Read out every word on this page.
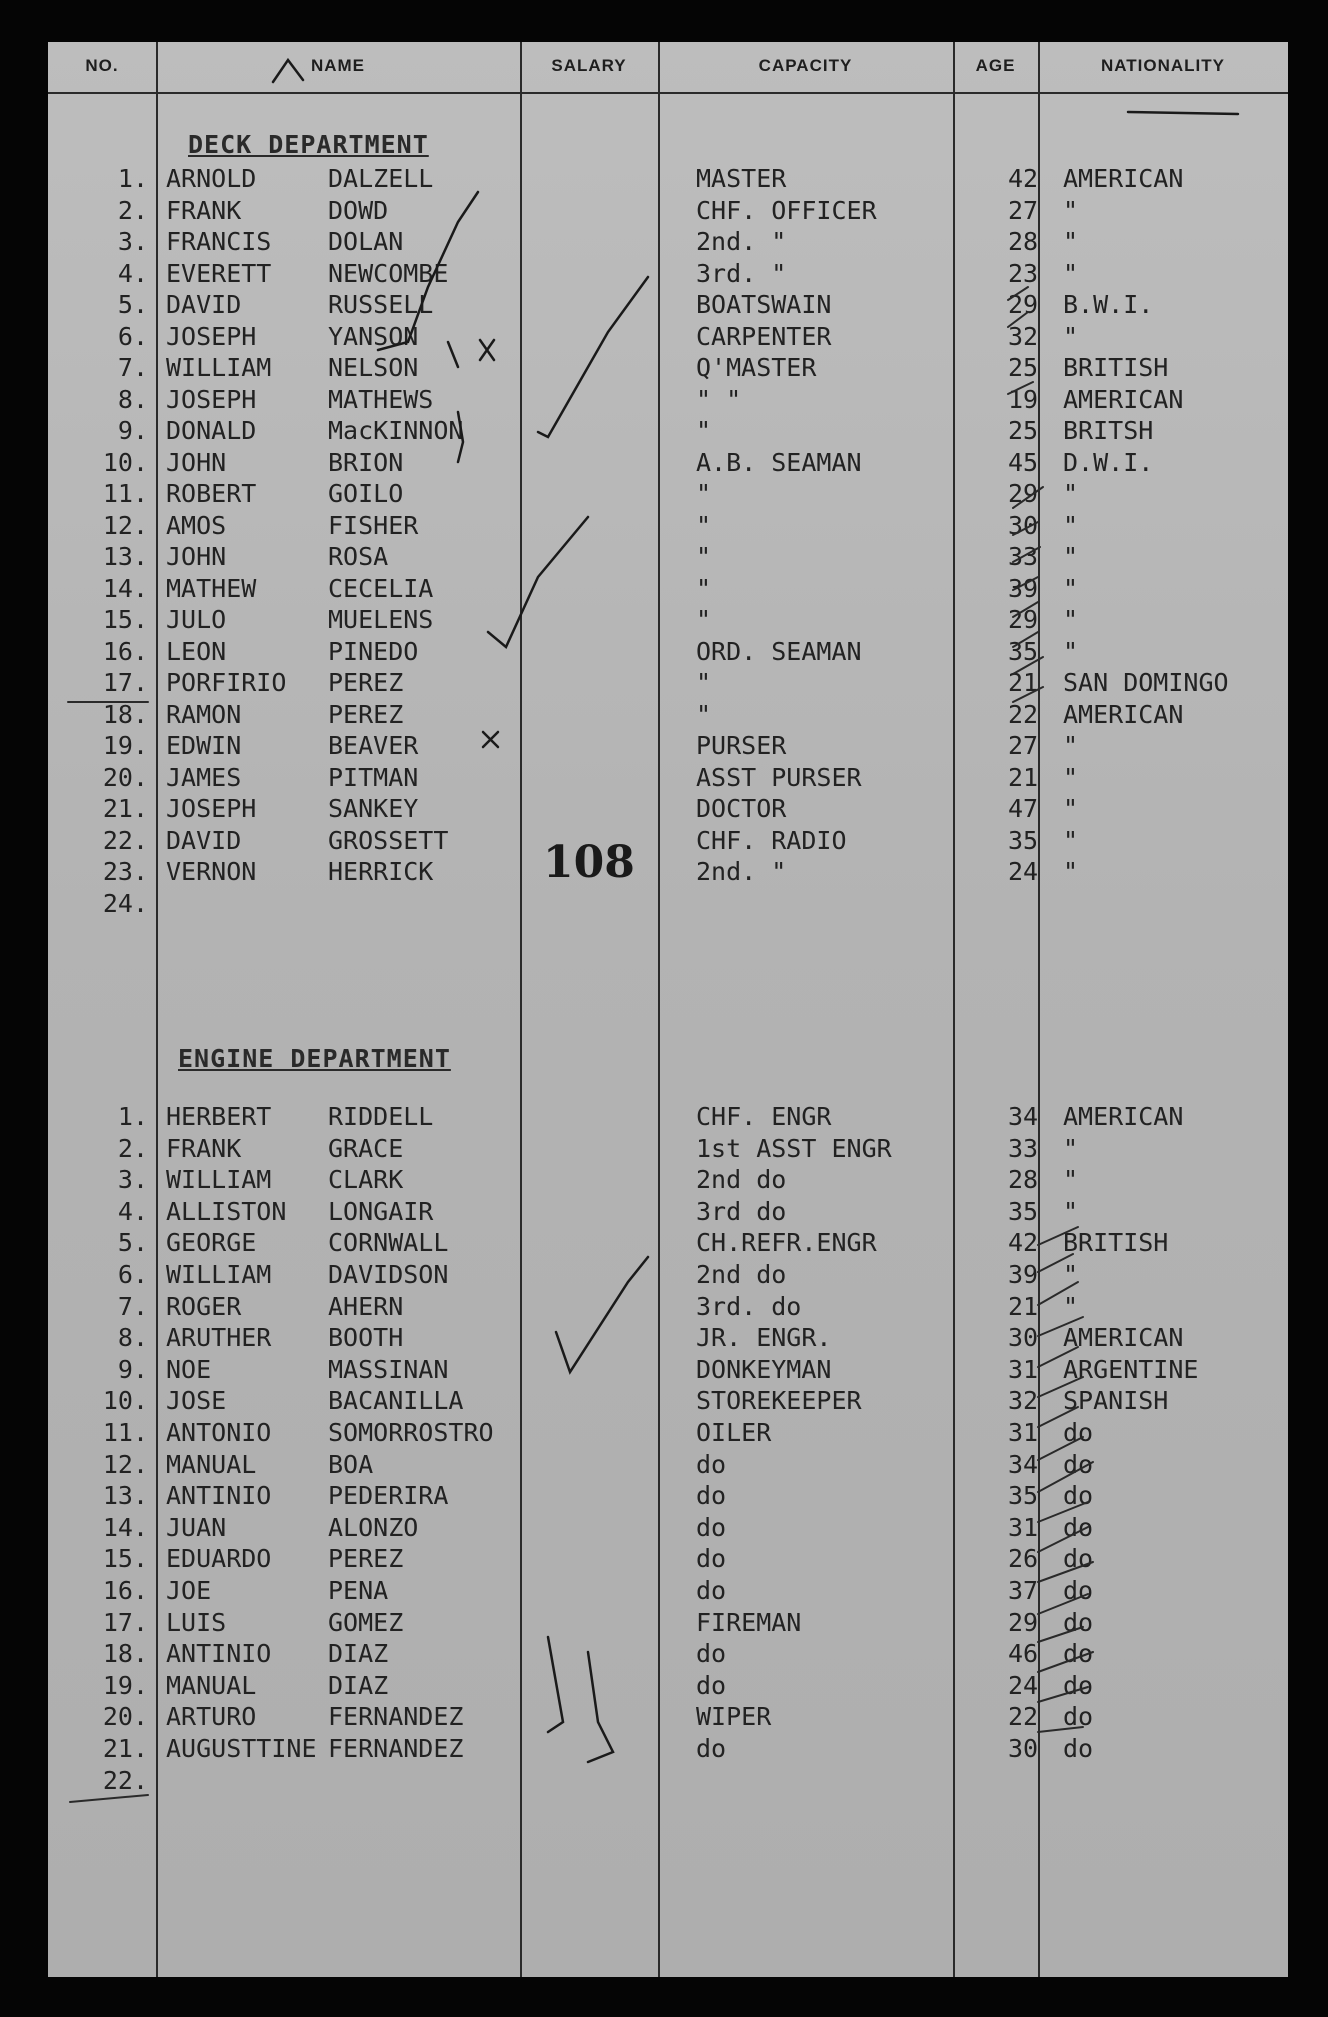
NO.	NAME	SALARY	CAPACITY	AGE	NATIONALITY
DECK DEPARTMENT
ENGINE DEPARTMENT
1. ARNOLD	DALZELL	MASTER	42 AMERICAN
2. FRANK	DOWD	CHF. OFFICER	27 "
3. FRANCIS DOLAN	2nd. "	28 "
4. EVERETT NEWCOMBE	3rd. "	23 "
5. DAVID	RUSSELL	BOATSWAIN	29 B.W.I.
6. JOSEPH	YANSON	CARPENTER	32 "
7. WILLIAM NELSON	Q'MASTER	25 BRITISH
8. JOSEPH	MATHEWS	" "	19 AMERICAN
9. DONALD	MacKINNON	"	25 BRITSH
10. JOHN	BRION	A.B. SEAMAN	45 D.W.I.
11. ROBERT	GOILO	"	29 "
12. AMOS	FISHER	"	30 "
13. JOHN	ROSA	"	33 "
14. MATHEW	CECELIA	"	39 "
15. JULO	MUELENS	"	29 "
16. LEON	PINEDO	ORD. SEAMAN	35 "
17. PORFIRIO PEREZ	"	21 SAN DOMINGO
18. RAMON	PEREZ	"	22 AMERICAN
19. EDWIN	BEAVER	PURSER	27 "
20. JAMES	PITMAN	ASST PURSER	21 "
21. JOSEPH	SANKEY	DOCTOR	47 "
22. DAVID	GROSSETT	CHF. RADIO	35 "
23. VERNON	HERRICK	2nd. "	24 "
24.
1. HERBERT RIDDELL	CHF. ENGR	34 AMERICAN
2. FRANK	GRACE	1st ASST ENGR	33 "
3. WILLIAM CLARK	2nd do	28 "
4. ALLISTON LONGAIR	3rd do	35 "
5. GEORGE	CORNWALL	CH.REFR.ENGR	42 BRITISH
6. WILLIAM DAVIDSON	2nd do	39 "
7. ROGER	AHERN	3rd. do	21 "
8. ARUTHER BOOTH	JR. ENGR.	30 AMERICAN
9. NOE	MASSINAN	DONKEYMAN	31 ARGENTINE
10. JOSE	BACANILLA	STOREKEEPER	32 SPANISH
11. ANTONIO SOMORROSTRO	OILER	31 do
12. MANUAL	BOA	do	34 do
13. ANTINIO PEDERIRA	do	35 do
14. JUAN	ALONZO	do	31 do
15. EDUARDO PEREZ	do	26 do
16. JOE	PENA	do	37 do
17. LUIS	GOMEZ	FIREMAN	29 do
18. ANTINIO DIAZ	do	46 do
19. MANUAL	DIAZ	do	24 do
20. ARTURO	FERNANDEZ	WIPER	22 do
21. AUGUSTTINE FERNANDEZ	do	30 do
22.
108
